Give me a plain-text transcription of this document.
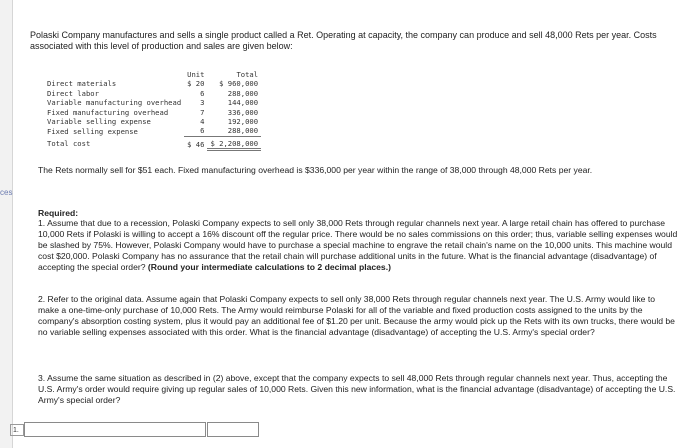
ces

Polaski Company manufactures and sells a single product called a Ret. Operating at capacity, the company can produce and sell 48,000 Rets per year. Costs associated with this level of production and sales are given below:

	Unit	Total
Direct materials	$ 20	$ 960,000
Direct labor	6	288,000
Variable manufacturing overhead	3	144,000
Fixed manufacturing overhead	7	336,000
Variable selling expense	4	192,000
Fixed selling expense	6	288,000
Total cost	$ 46	$ 2,208,000

The Rets normally sell for $51 each. Fixed manufacturing overhead is $336,000 per year within the range of 38,000 through 48,000 Rets per year.

Required:

1. Assume that due to a recession, Polaski Company expects to sell only 38,000 Rets through regular channels next year. A large retail chain has offered to purchase 10,000 Rets if Polaski is willing to accept a 16% discount off the regular price. There would be no sales commissions on this order; thus, variable selling expenses would be slashed by 75%. However, Polaski Company would have to purchase a special machine to engrave the retail chain's name on the 10,000 units. This machine would cost $20,000. Polaski Company has no assurance that the retail chain will purchase additional units in the future. What is the financial advantage (disadvantage) of accepting the special order? (Round your intermediate calculations to 2 decimal places.)

2. Refer to the original data. Assume again that Polaski Company expects to sell only 38,000 Rets through regular channels next year. The U.S. Army would like to make a one-time-only purchase of 10,000 Rets. The Army would reimburse Polaski for all of the variable and fixed production costs assigned to the units by the company's absorption costing system, plus it would pay an additional fee of $1.20 per unit. Because the army would pick up the Rets with its own trucks, there would be no variable selling expenses associated with this order. What is the financial advantage (disadvantage) of accepting the U.S. Army's special order?

3. Assume the same situation as described in (2) above, except that the company expects to sell 48,000 Rets through regular channels next year. Thus, accepting the U.S. Army's order would require giving up regular sales of 10,000 Rets. Given this new information, what is the financial advantage (disadvantage) of accepting the U.S. Army's special order?

1.
